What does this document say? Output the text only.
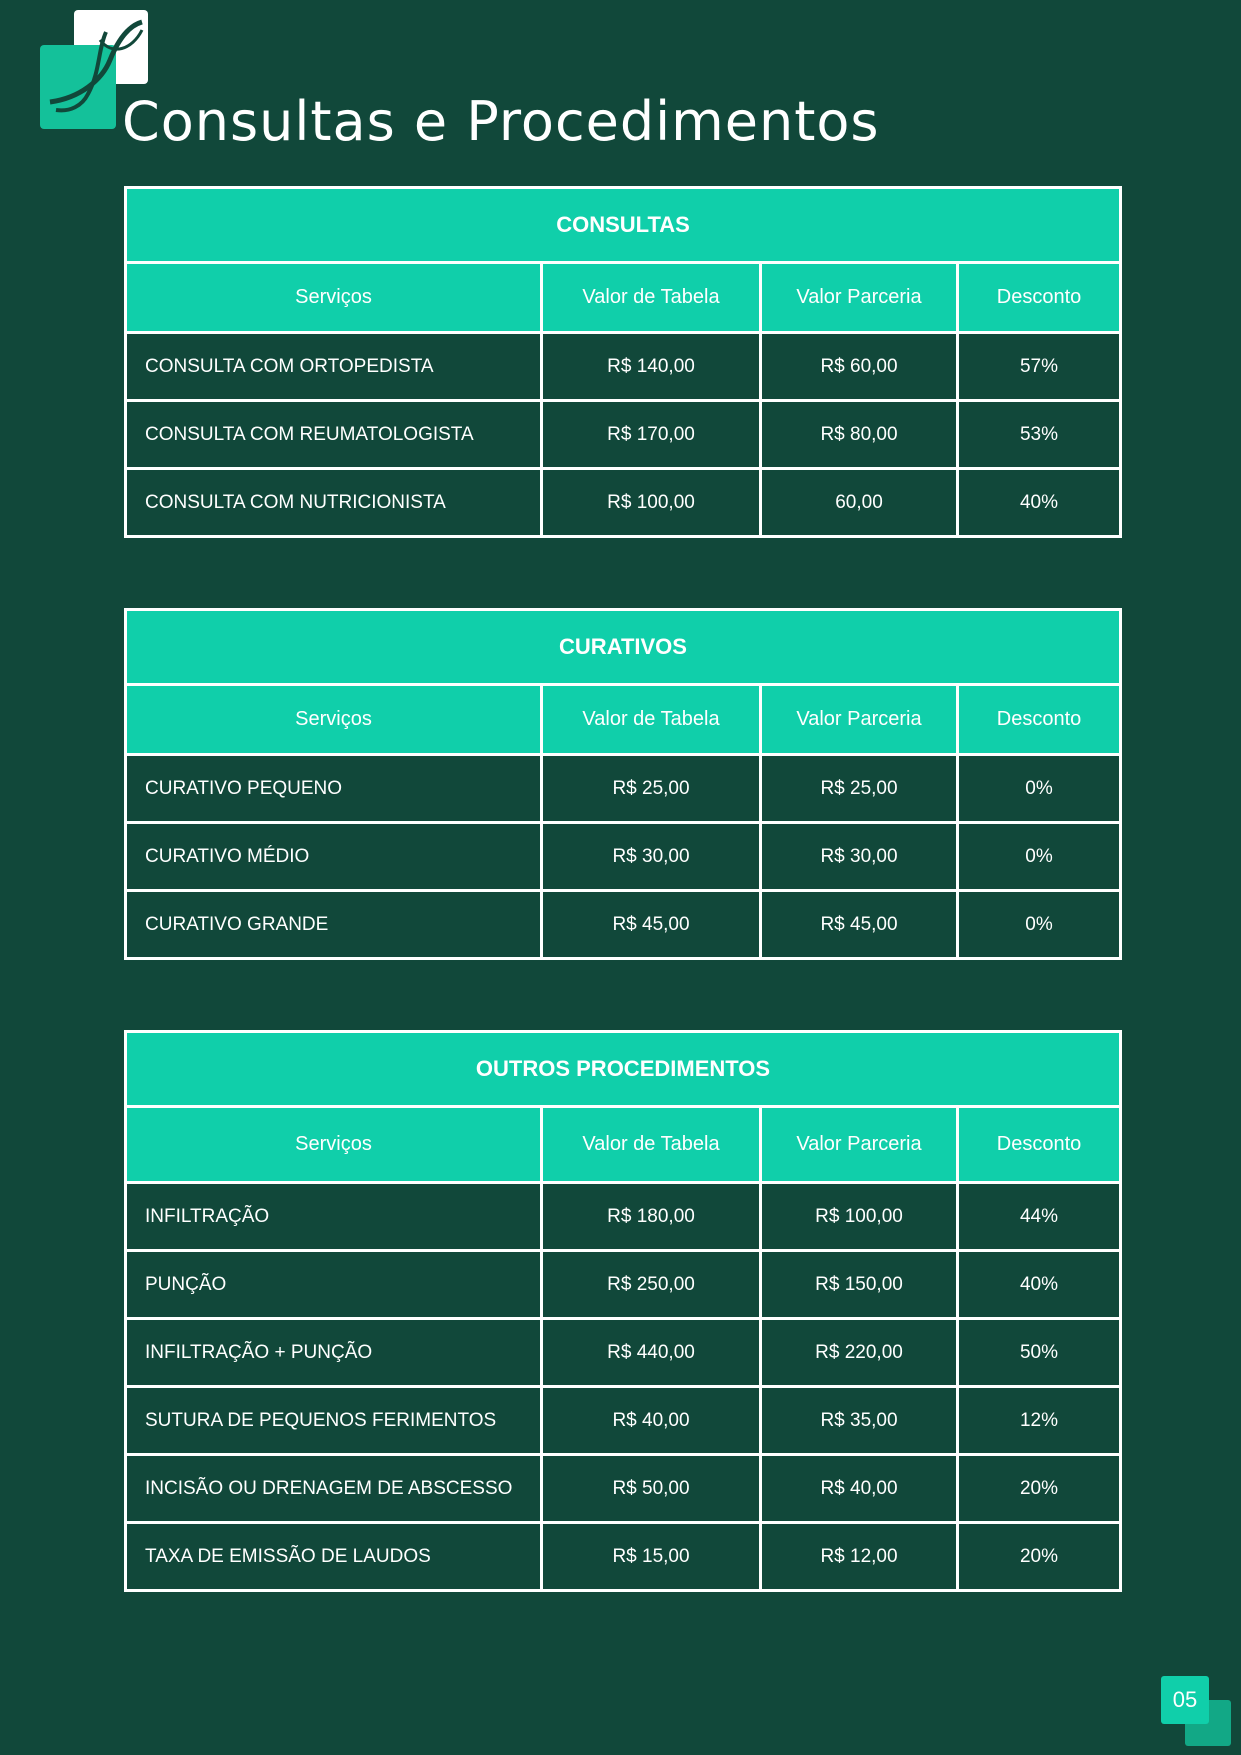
Consultas e Procedimentos
CONSULTAS			
Serviços	Valor de Tabela	Valor Parceria	Desconto
CONSULTA COM ORTOPEDISTA	R$ 140,00	R$ 60,00	57%
CONSULTA COM REUMATOLOGISTA	R$ 170,00	R$ 80,00	53%
CONSULTA COM NUTRICIONISTA	R$ 100,00	60,00	40%
CURATIVOS			
Serviços	Valor de Tabela	Valor Parceria	Desconto
CURATIVO PEQUENO	R$ 25,00	R$ 25,00	0%
CURATIVO MÉDIO	R$ 30,00	R$ 30,00	0%
CURATIVO GRANDE	R$ 45,00	R$ 45,00	0%
OUTROS PROCEDIMENTOS			
Serviços	Valor de Tabela	Valor Parceria	Desconto
INFILTRAÇÃO	R$ 180,00	R$ 100,00	44%
PUNÇÃO	R$ 250,00	R$ 150,00	40%
INFILTRAÇÃO + PUNÇÃO	R$ 440,00	R$ 220,00	50%
SUTURA DE PEQUENOS FERIMENTOS	R$ 40,00	R$ 35,00	12%
INCISÃO OU DRENAGEM DE ABSCESSO	R$ 50,00	R$ 40,00	20%
TAXA DE EMISSÃO DE LAUDOS	R$ 15,00	R$ 12,00	20%
05
